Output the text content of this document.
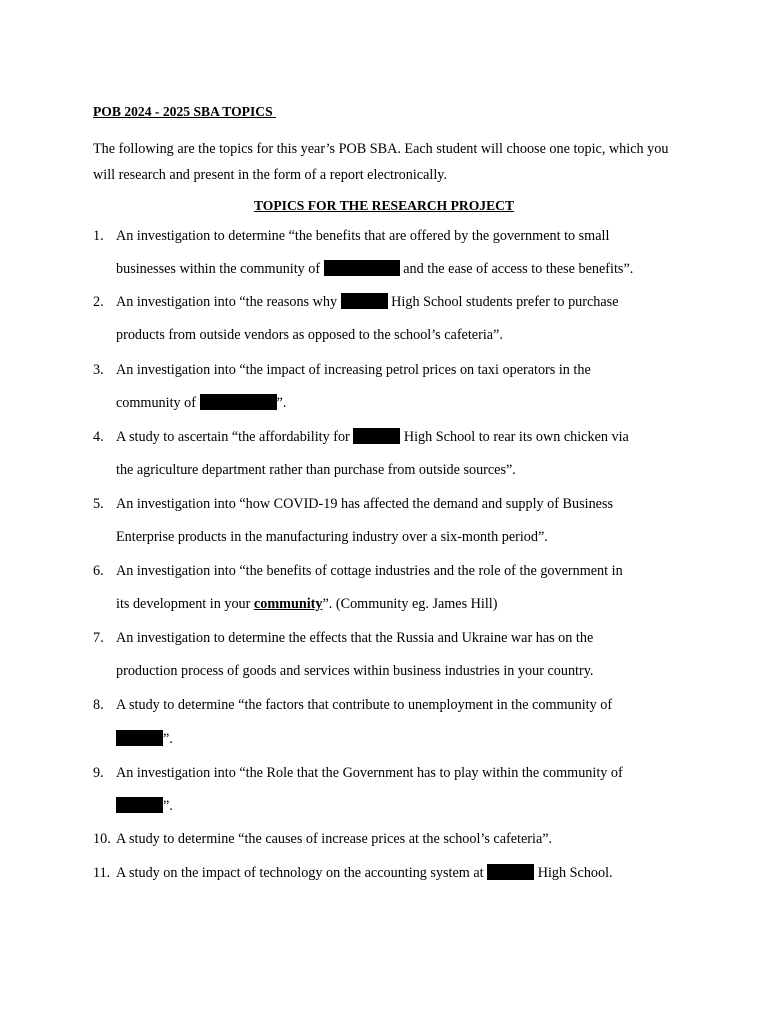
POB 2024 - 2025 SBA TOPICS
The following are the topics for this year’s POB SBA. Each student will choose one topic, which you will research and present in the form of a report electronically.
TOPICS FOR THE RESEARCH PROJECT
1. An investigation to determine “the benefits that are offered by the government to small
businesses within the community of	and the ease of access to these benefits”.
2. An investigation into “the reasons why	High School students prefer to purchase
products from outside vendors as opposed to the school’s cafeteria”.
3. An investigation into “the impact of increasing petrol prices on taxi operators in the
community of	”.
4. A study to ascertain “the affordability for	High School to rear its own chicken via
the agriculture department rather than purchase from outside sources”.
5. An investigation into “how COVID-19 has affected the demand and supply of Business
Enterprise products in the manufacturing industry over a six-month period”.
6. An investigation into “the benefits of cottage industries and the role of the government in
its development in your community”. (Community eg. James Hill)
7. An investigation to determine the effects that the Russia and Ukraine war has on the
production process of goods and services within business industries in your country.
8. A study to determine “the factors that contribute to unemployment in the community of
”.
9. An investigation into “the Role that the Government has to play within the community of
”.
10. A study to determine “the causes of increase prices at the school’s cafeteria”.
11. A study on the impact of technology on the accounting system at	High School.
